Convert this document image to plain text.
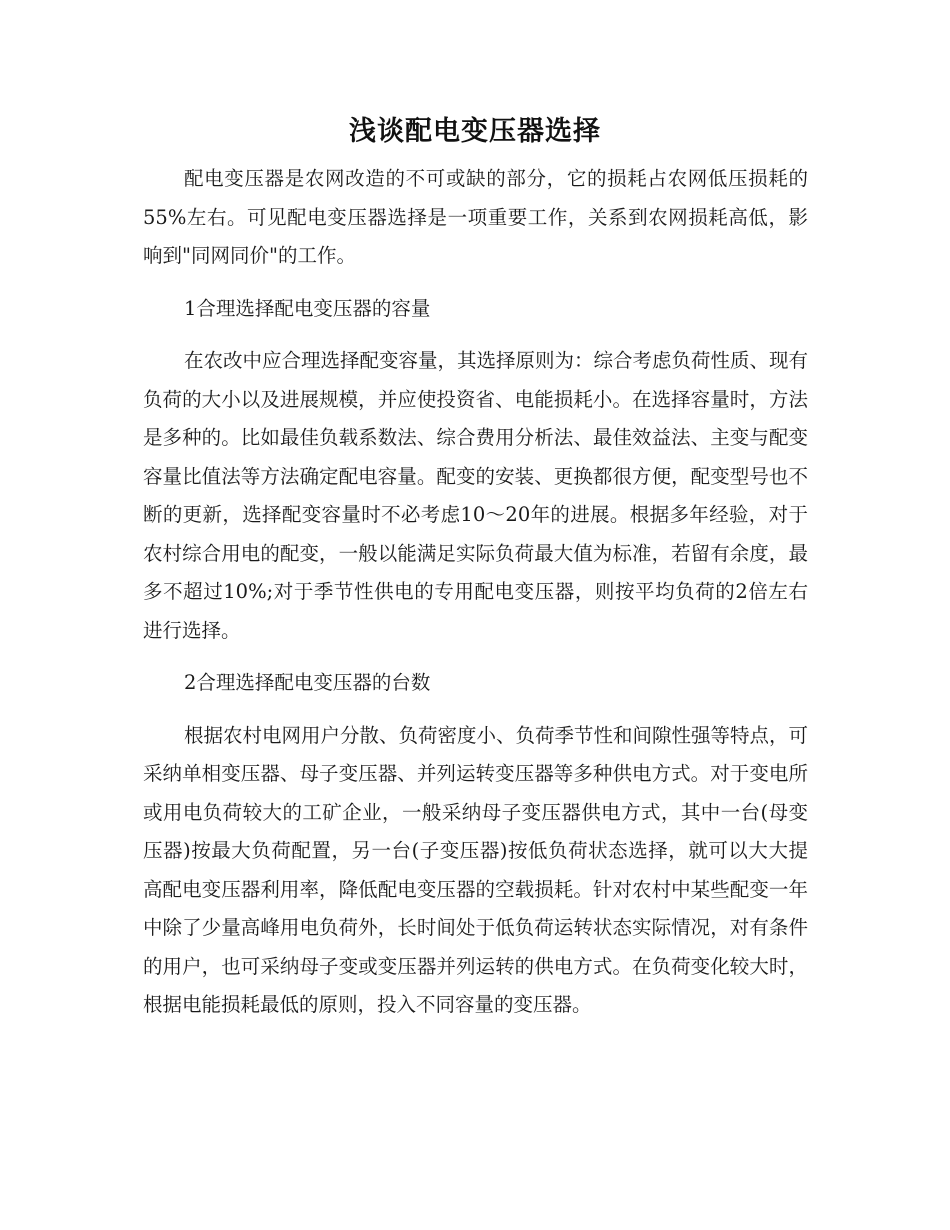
浅谈配电变压器选择

配电变压器是农网改造的不可或缺的部分，它的损耗占农网低压损耗的55%左右。可见配电变压器选择是一项重要工作，关系到农网损耗高低，影响到"同网同价"的工作。

1合理选择配电变压器的容量

在农改中应合理选择配变容量，其选择原则为：综合考虑负荷性质、现有负荷的大小以及进展规模，并应使投资省、电能损耗小。在选择容量时，方法是多种的。比如最佳负载系数法、综合费用分析法、最佳效益法、主变与配变容量比值法等方法确定配电容量。配变的安装、更换都很方便，配变型号也不断的更新，选择配变容量时不必考虑10～20年的进展。根据多年经验，对于农村综合用电的配变，一般以能满足实际负荷最大值为标准，若留有余度，最多不超过10%;对于季节性供电的专用配电变压器，则按平均负荷的2倍左右进行选择。

2合理选择配电变压器的台数

根据农村电网用户分散、负荷密度小、负荷季节性和间隙性强等特点，可采纳单相变压器、母子变压器、并列运转变压器等多种供电方式。对于变电所或用电负荷较大的工矿企业，一般采纳母子变压器供电方式，其中一台(母变压器)按最大负荷配置，另一台(子变压器)按低负荷状态选择，就可以大大提高配电变压器利用率，降低配电变压器的空载损耗。针对农村中某些配变一年中除了少量高峰用电负荷外，长时间处于低负荷运转状态实际情况，对有条件的用户，也可采纳母子变或变压器并列运转的供电方式。在负荷变化较大时，根据电能损耗最低的原则，投入不同容量的变压器。
